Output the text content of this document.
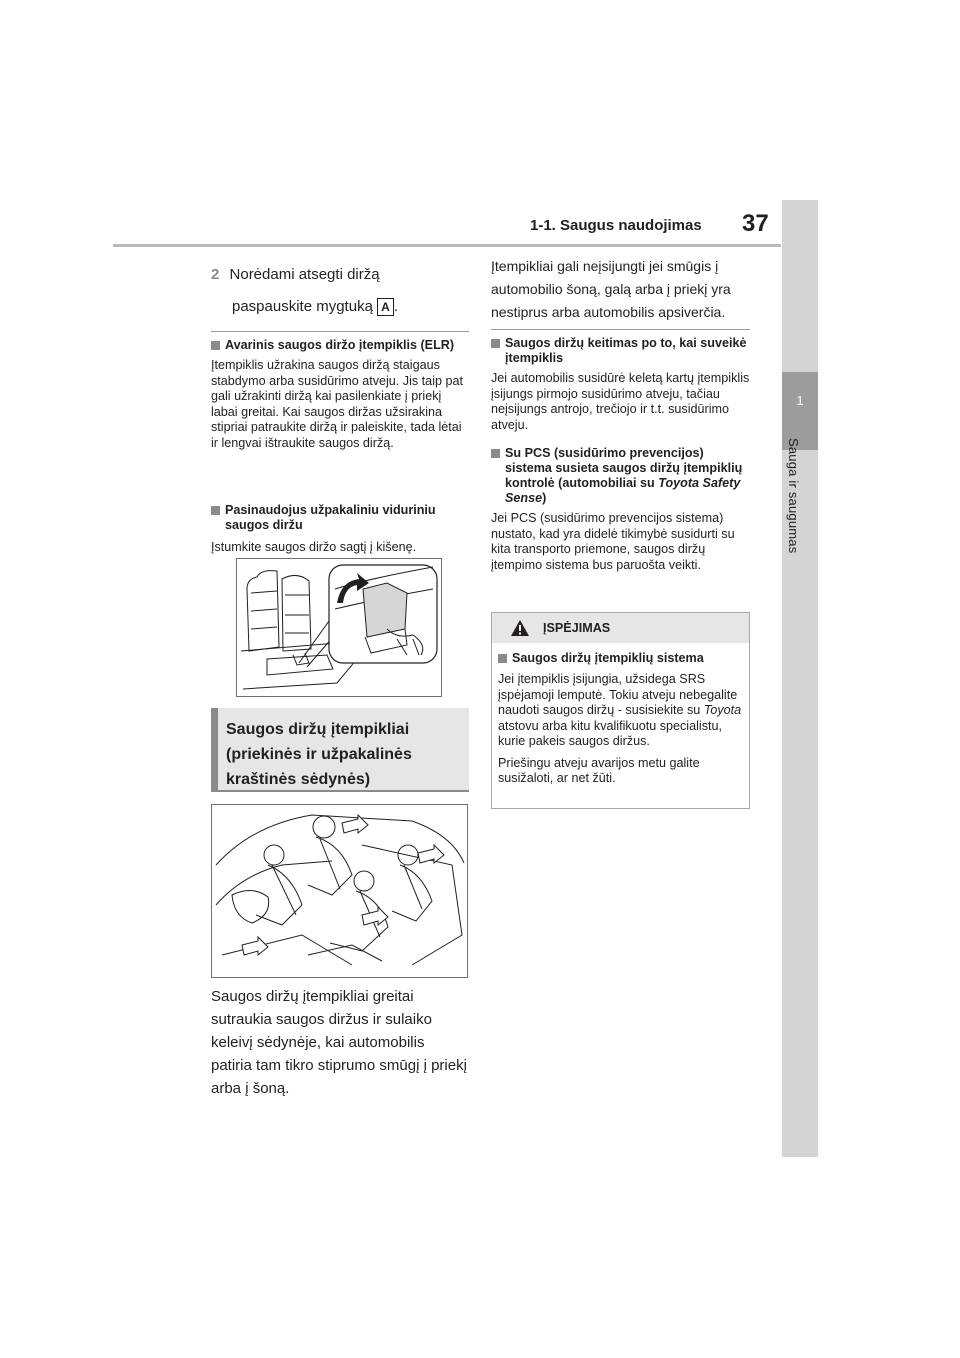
1-1. Saugus naudojimas 37
1
Sauga ir saugumas

2 Norėdami atsegti diržą

paspauskite mygtuką A .

Avarinis saugos diržo įtempiklis (ELR)

Įtempiklis užrakina saugos diržą staigaus stabdymo arba susidūrimo atveju. Jis taip pat gali užrakinti diržą kai pasilenkiate į priekį labai greitai. Kai saugos diržas užsirakina stipriai patraukite diržą ir paleiskite, tada lėtai ir lengvai ištraukite saugos diržą.

Pasinaudojus užpakaliniu viduriniu saugos diržu

Įstumkite saugos diržo sagtį į kišenę.

Saugos diržų įtempikliai
(priekinės ir užpakalinės
kraštinės sėdynės)

Saugos diržų įtempikliai greitai sutraukia saugos diržus ir sulaiko keleivį sėdynėje, kai automobilis patiria tam tikro stiprumo smūgį į priekį arba į šoną.

Įtempikliai gali neįsijungti jei smūgis į automobilio šoną, galą arba į priekį yra nestiprus arba automobilis apsiverčia.

Saugos diržų keitimas po to, kai suveikė įtempiklis

Jei automobilis susidūrė keletą kartų įtempiklis įsijungs pirmojo susidūrimo atveju, tačiau neįsijungs antrojo, trečiojo ir t.t. susidūrimo atveju.

Su PCS (susidūrimo prevencijos) sistema susieta saugos diržų įtempiklių kontrolė (automobiliai su Toyota Safety Sense)

Jei PCS (susidūrimo prevencijos sistema) nustato, kad yra didelė tikimybė susidurti su kita transporto priemone, saugos diržų įtempimo sistema bus paruošta veikti.

ĮSPĖJIMAS

Saugos diržų įtempiklių sistema

Jei įtempiklis įsijungia, užsidega SRS įspėjamoji lemputė. Tokiu atveju nebegalite naudoti saugos diržų - susisiekite su Toyota atstovu arba kitu kvalifikuotu specialistu, kurie pakeis saugos diržus.

Priešingu atveju avarijos metu galite susižaloti, ar net žūti.
